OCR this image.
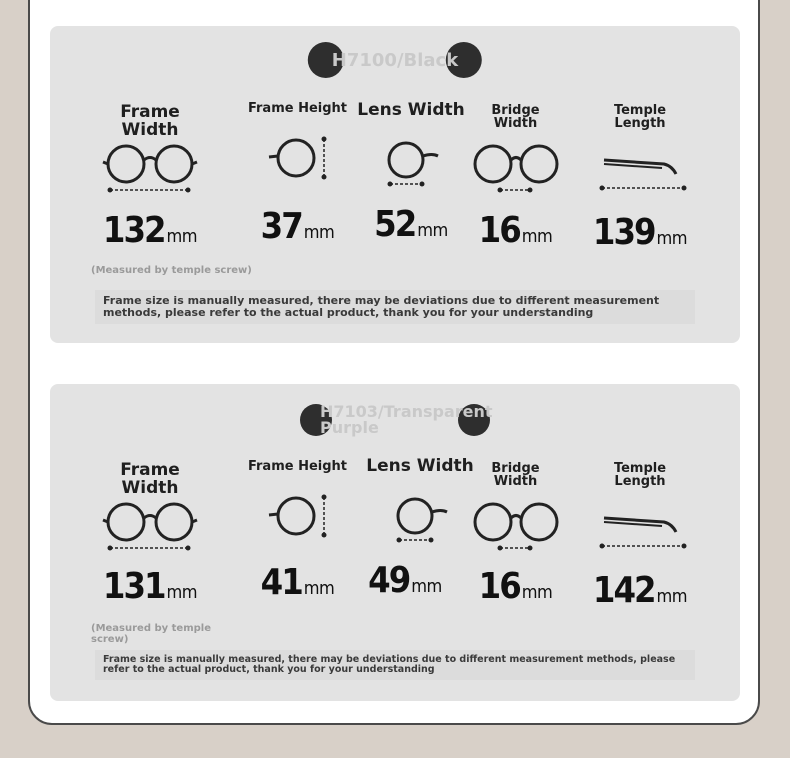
H7100/Black
Frame Width
132 mm
(Measured by temple screw)
Frame Height
37 mm
Lens Width
52 mm
Bridge Width
16 mm
Temple Length
139 mm
Frame size is manually measured, there may be deviations due to different measurement methods, please refer to the actual product, thank you for your understanding
H7103/Transparent Purple
Frame Width
131 mm
(Measured by temple screw)
Frame Height
41 mm
Lens Width
49 mm
Bridge Width
16 mm
Temple Length
142 mm
Frame size is manually measured, there may be deviations due to different measurement methods, please refer to the actual product, thank you for your understanding
